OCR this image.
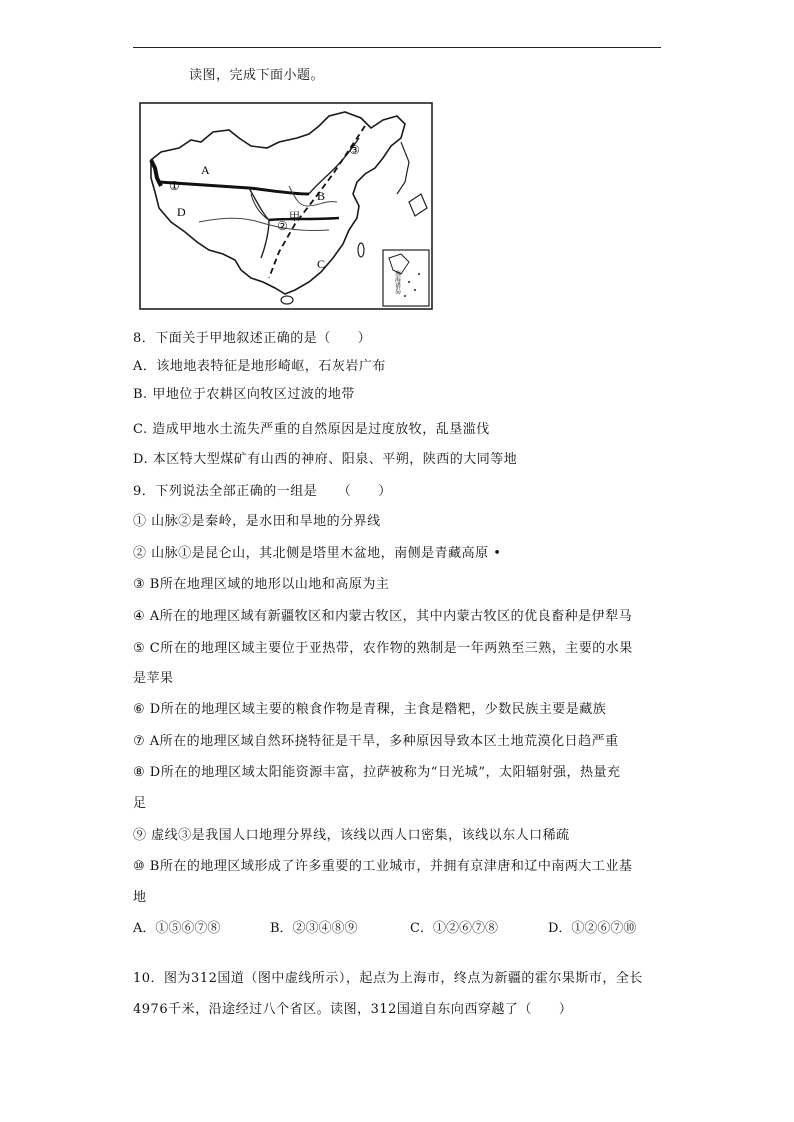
读图，完成下面小题。
A
B
C
D	甲
①
②
③
南海诸岛
8．下面关于甲地叙述正确的是（　　）
A．该地地表特征是地形崎岖，石灰岩广布
B. 甲地位于农耕区向牧区过波的地带
C. 造成甲地水土流失严重的自然原因是过度放牧，乱垦滥伐
D. 本区特大型煤矿有山西的神府、阳泉、平朔，陕西的大同等地
9．下列说法全部正确的一组是　　（　　）
① 山脉②是秦岭，是水田和旱地的分界线
② 山脉①是昆仑山，其北侧是塔里木盆地，南侧是青藏高原 •
③ B所在地理区域的地形以山地和高原为主
④ A所在的地理区域有新疆牧区和内蒙古牧区，其中内蒙古牧区的优良畜种是伊犁马
⑤ C所在的地理区域主要位于亚热带，农作物的熟制是一年两熟至三熟，主要的水果
是苹果
⑥ D所在的地理区域主要的粮食作物是青稞，主食是糌粑，少数民族主要是藏族
⑦ A所在的地理区域自然环挠特征是干旱，多种原因导致本区土地荒漠化日趋严重
⑧ D所在的地理区域太阳能资源丰富，拉萨被称为“日光城”，太阳辐射强，热量充
足
⑨ 虚线③是我国人口地理分界线，该线以西人口密集，该线以东人口稀疏
⑩ B所在的地理区域形成了许多重要的工业城市，并拥有京津唐和辽中南两大工业基
地
A．①⑤⑥⑦⑧	B．②③④⑧⑨	C．①②⑥⑦⑧	D．①②⑥⑦⑩
10．图为312国道（图中虚线所示），起点为上海市，终点为新疆的霍尔果斯市，全长
4976千米，沿途经过八个省区。读图，312国道自东向西穿越了（　　）
